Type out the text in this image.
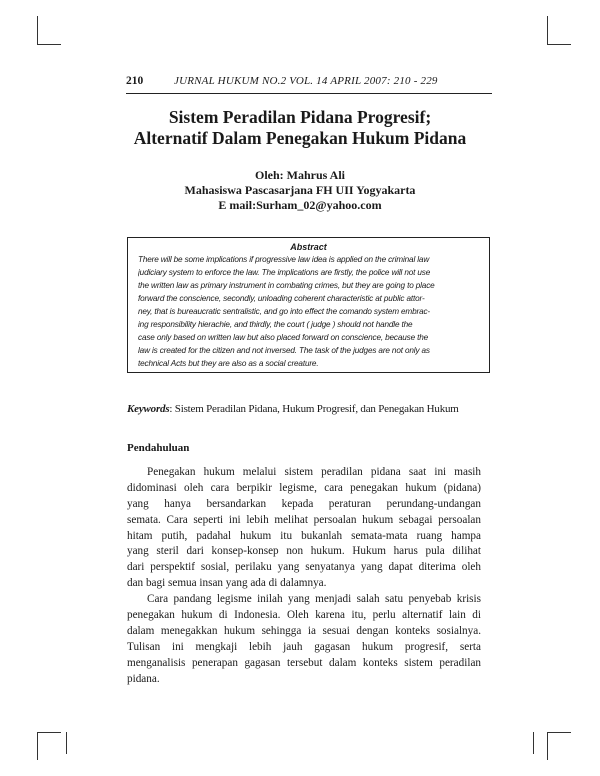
210	JURNAL HUKUM NO.2 VOL. 14 APRIL 2007: 210 - 229
Sistem Peradilan Pidana Progresif;
Alternatif Dalam Penegakan Hukum Pidana
Oleh: Mahrus Ali
Mahasiswa Pascasarjana FH UII Yogyakarta
E mail:Surham_02@yahoo.com
Abstract
There will be some implications if progressive law idea is applied on the criminal law
judiciary system to enforce the law. The implications are firstly, the police will not use
the written law as primary instrument in combating crimes, but they are going to place
forward the conscience, secondly, unloading coherent characteristic at public attor-
ney, that is bureaucratic sentralistic, and go into effect the comando system embrac-
ing responsibility hierachie, and thirdly, the court ( judge ) should not handle the
case only based on written law but also placed forward on conscience, because the
law is created for the citizen and not inversed. The task of the judges are not only as
technical Acts but they are also as a social creature.
Keywords: Sistem Peradilan Pidana, Hukum Progresif, dan Penegakan Hukum
Pendahuluan
Penegakan hukum melalui sistem peradilan pidana saat ini masih
didominasi oleh cara berpikir legisme, cara penegakan hukum (pidana)
yang hanya bersandarkan kepada peraturan perundang-undangan
semata. Cara seperti ini lebih melihat persoalan hukum sebagai persoalan
hitam putih, padahal hukum itu bukanlah semata-mata ruang hampa
yang steril dari konsep-konsep non hukum. Hukum harus pula dilihat
dari perspektif sosial, perilaku yang senyatanya yang dapat diterima oleh
dan bagi semua insan yang ada di dalamnya.
Cara pandang legisme inilah yang menjadi salah satu penyebab krisis
penegakan hukum di Indonesia. Oleh karena itu, perlu alternatif lain di
dalam menegakkan hukum sehingga ia sesuai dengan konteks sosialnya.
Tulisan ini mengkaji lebih jauh gagasan hukum progresif, serta
menganalisis penerapan gagasan tersebut dalam konteks sistem peradilan
pidana.
